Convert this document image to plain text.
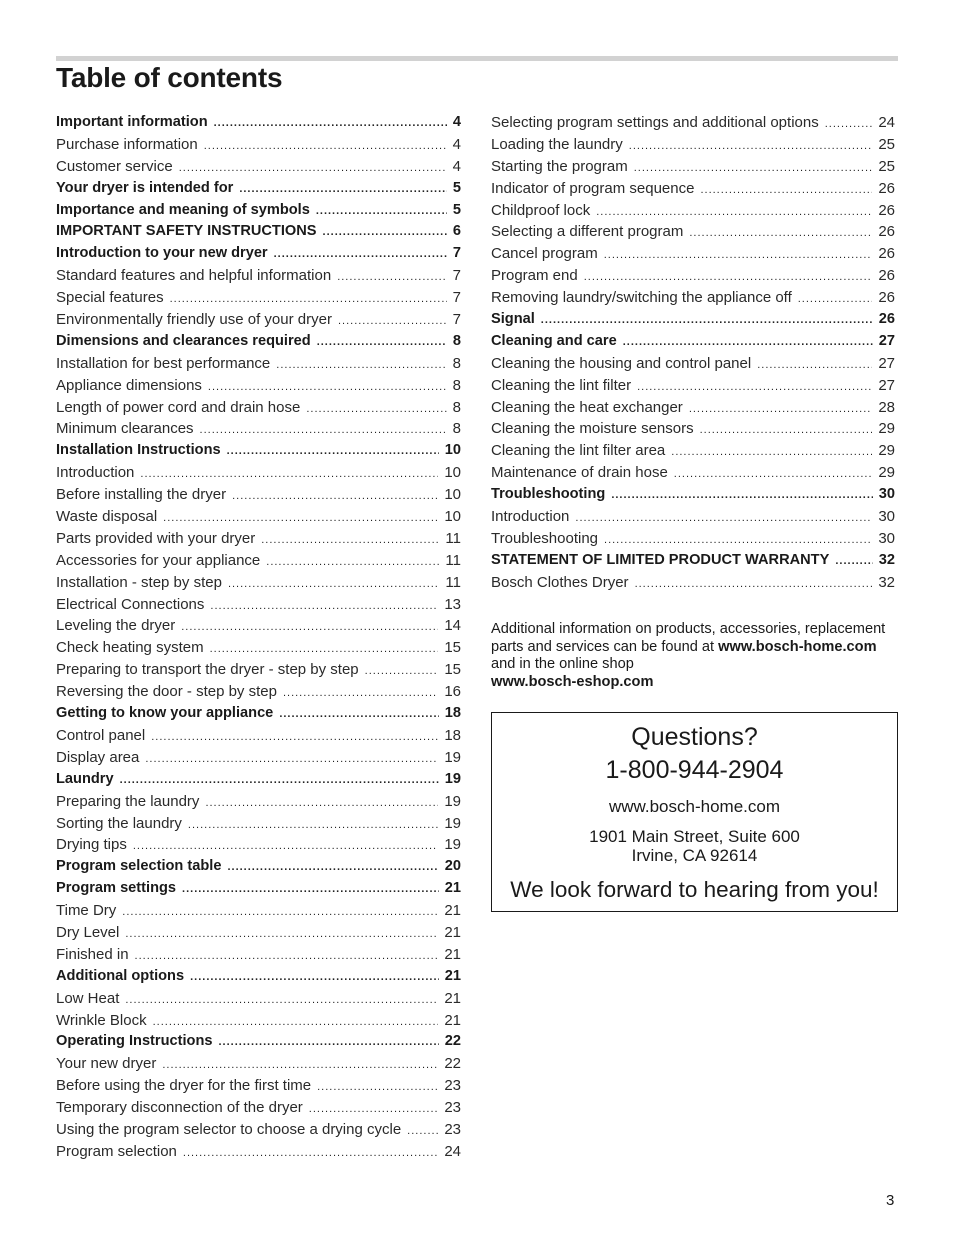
Table of contents
Important information .....	4
Purchase information .....	4
Customer service .....	4
Your dryer is intended for .....	5
Importance and meaning of symbols .....	5
IMPORTANT SAFETY INSTRUCTIONS .....	6
Introduction to your new dryer .....	7
Standard features and helpful information .....	7
Special features .....	7
Environmentally friendly use of your dryer .....	7
Dimensions and clearances required .....	8
Installation for best performance .....	8
Appliance dimensions .....	8
Length of power cord and drain hose .....	8
Minimum clearances .....	8
Installation Instructions .....	10
Introduction .....	10
Before installing the dryer .....	10
Waste disposal .....	10
Parts provided with your dryer .....	11
Accessories for your appliance .....	11
Installation - step by step .....	11
Electrical Connections .....	13
Leveling the dryer .....	14
Check heating system .....	15
Preparing to transport the dryer - step by step .....	15
Reversing the door - step by step .....	16
Getting to know your appliance .....	18
Control panel .....	18
Display area .....	19
Laundry .....	19
Preparing the laundry .....	19
Sorting the laundry .....	19
Drying tips .....	19
Program selection table .....	20
Program settings .....	21
Time Dry .....	21
Dry Level .....	21
Finished in .....	21
Additional options .....	21
Low Heat .....	21
Wrinkle Block .....	21
Operating Instructions .....	22
Your new dryer .....	22
Before using the dryer for the first time .....	23
Temporary disconnection of the dryer .....	23
Using the program selector to choose a drying cycle .....	23
Program selection .....	24
Selecting program settings and additional options .....	24
Loading the laundry .....	25
Starting the program .....	25
Indicator of program sequence .....	26
Childproof lock .....	26
Selecting a different program .....	26
Cancel program .....	26
Program end .....	26
Removing laundry/switching the appliance off .....	26
Signal .....	26
Cleaning and care .....	27
Cleaning the housing and control panel .....	27
Cleaning the lint filter .....	27
Cleaning the heat exchanger .....	28
Cleaning the moisture sensors .....	29
Cleaning the lint filter area .....	29
Maintenance of drain hose .....	29
Troubleshooting .....	30
Introduction .....	30
Troubleshooting .....	30
STATEMENT OF LIMITED PRODUCT WARRANTY .....	32
Bosch Clothes Dryer .....	32

Additional information on products, accessories, replacement parts and services can be found at www.bosch-home.com and in the online shop
www.bosch-eshop.com

Questions?
1-800-944-2904
www.bosch-home.com
1901 Main Street, Suite 600
Irvine, CA 92614
We look forward to hearing from you!
3
